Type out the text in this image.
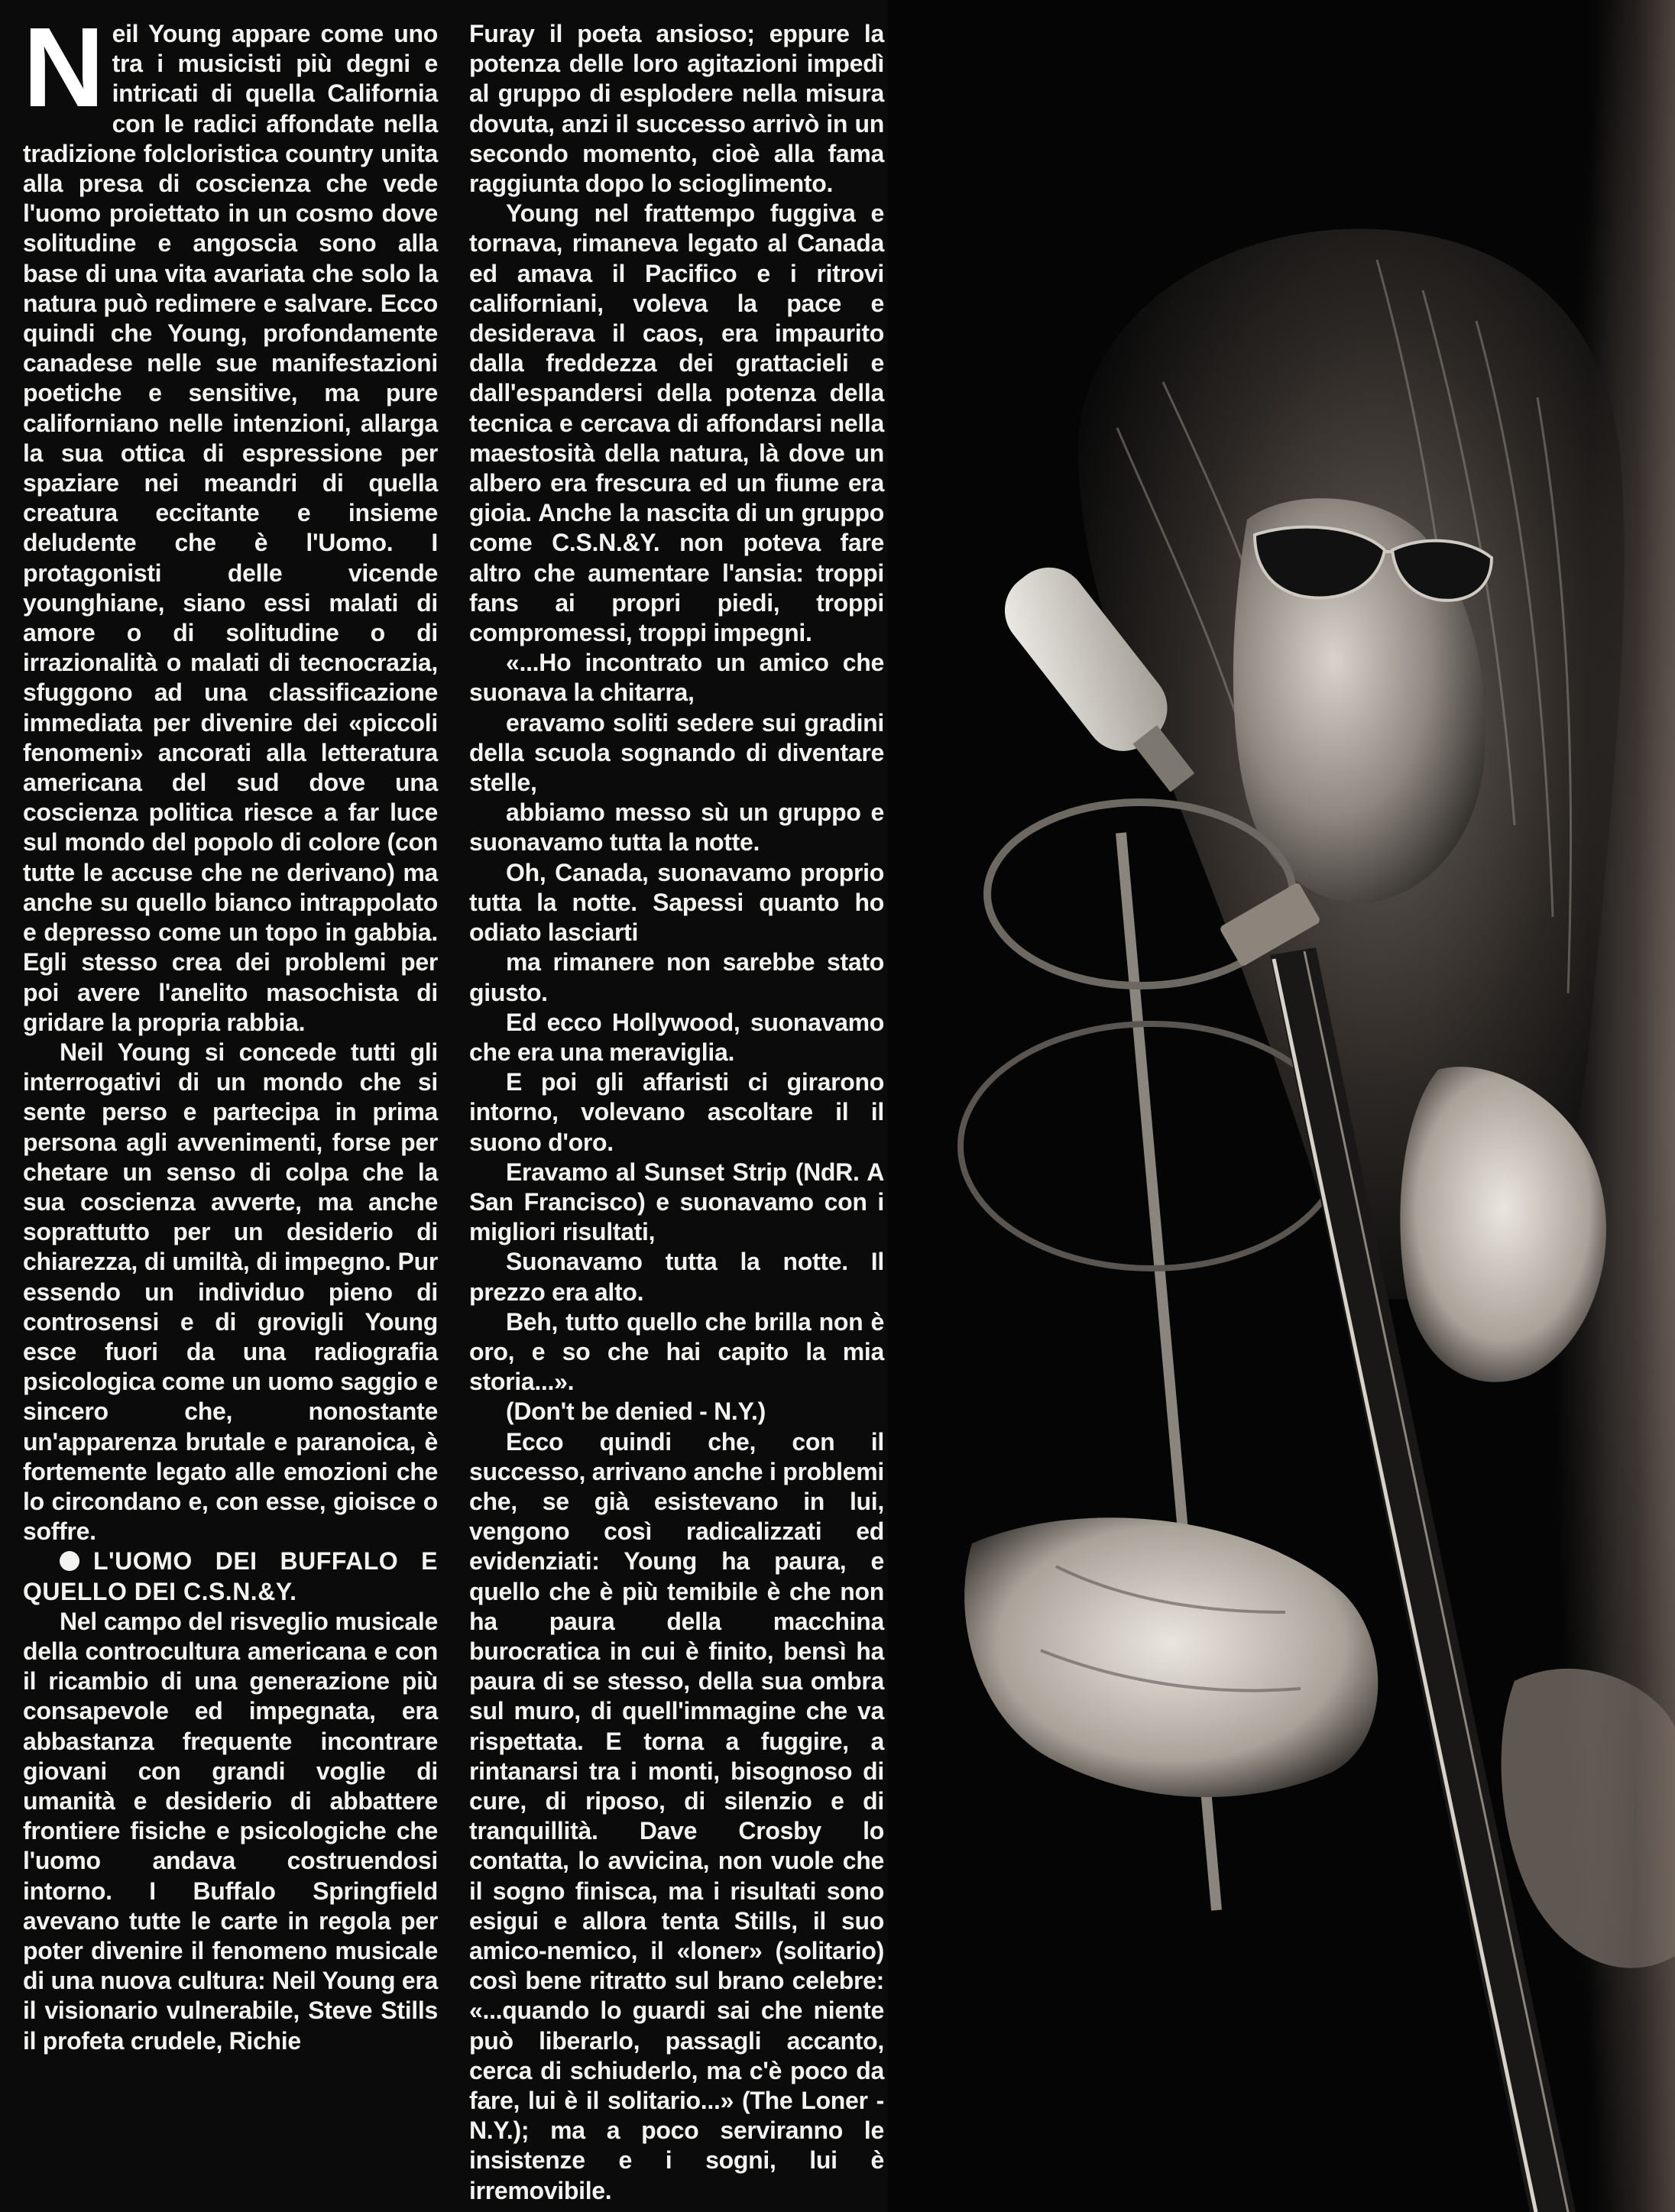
Neil Young appare come uno tra i musicisti più degni e intricati di quella California con le radici affondate nella tradizione folcloristica country unita alla presa di coscienza che vede l'uomo proiettato in un cosmo dove solitudine e angoscia sono alla base di una vita avariata che solo la natura può redimere e salvare. Ecco quindi che Young, profondamente canadese nelle sue manifestazioni poetiche e sensitive, ma pure californiano nelle intenzioni, allarga la sua ottica di espressione per spaziare nei meandri di quella creatura eccitante e insieme deludente che è l'Uomo. I protagonisti delle vicende younghiane, siano essi malati di amore o di solitudine o di irrazionalità o malati di tecnocrazia, sfuggono ad una classificazione immediata per divenire dei «piccoli fenomeni» ancorati alla letteratura americana del sud dove una coscienza politica riesce a far luce sul mondo del popolo di colore (con tutte le accuse che ne derivano) ma anche su quello bianco intrappolato e depresso come un topo in gabbia. Egli stesso crea dei problemi per poi avere l'anelito masochista di gridare la propria rabbia.

Neil Young si concede tutti gli interrogativi di un mondo che si sente perso e partecipa in prima persona agli avvenimenti, forse per chetare un senso di colpa che la sua coscienza avverte, ma anche soprattutto per un desiderio di chiarezza, di umiltà, di impegno. Pur essendo un individuo pieno di controsensi e di grovigli Young esce fuori da una radiografia psicologica come un uomo saggio e sincero che, nonostante un'apparenza brutale e paranoica, è fortemente legato alle emozioni che lo circondano e, con esse, gioisce o soffre.

L'UOMO DEI BUFFALO E QUELLO DEI C.S.N.&Y.

Nel campo del risveglio musicale della controcultura americana e con il ricambio di una generazione più consapevole ed impegnata, era abbastanza frequente incontrare giovani con grandi voglie di umanità e desiderio di abbattere frontiere fisiche e psicologiche che l'uomo andava costruendosi intorno. I Buffalo Springfield avevano tutte le carte in regola per poter divenire il fenomeno musicale di una nuova cultura: Neil Young era il visionario vulnerabile, Steve Stills il profeta crudele, Richie

Furay il poeta ansioso; eppure la potenza delle loro agitazioni impedì al gruppo di esplodere nella misura dovuta, anzi il successo arrivò in un secondo momento, cioè alla fama raggiunta dopo lo scioglimento.

Young nel frattempo fuggiva e tornava, rimaneva legato al Canada ed amava il Pacifico e i ritrovi californiani, voleva la pace e desiderava il caos, era impaurito dalla freddezza dei grattacieli e dall'espandersi della potenza della tecnica e cercava di affondarsi nella maestosità della natura, là dove un albero era frescura ed un fiume era gioia. Anche la nascita di un gruppo come C.S.N.&Y. non poteva fare altro che aumentare l'ansia: troppi fans ai propri piedi, troppi compromessi, troppi impegni.

«...Ho incontrato un amico che suonava la chitarra,

eravamo soliti sedere sui gradini della scuola sognando di diventare stelle,

abbiamo messo sù un gruppo e suonavamo tutta la notte.

Oh, Canada, suonavamo proprio tutta la notte. Sapessi quanto ho odiato lasciarti

ma rimanere non sarebbe stato giusto.

Ed ecco Hollywood, suonavamo che era una meraviglia.

E poi gli affaristi ci girarono intorno, volevano ascoltare il il suono d'oro.

Eravamo al Sunset Strip (NdR. A San Francisco) e suonavamo con i migliori risultati,

Suonavamo tutta la notte. Il prezzo era alto.

Beh, tutto quello che brilla non è oro, e so che hai capito la mia storia...».

(Don't be denied - N.Y.)

Ecco quindi che, con il successo, arrivano anche i problemi che, se già esistevano in lui, vengono così radicalizzati ed evidenziati: Young ha paura, e quello che è più temibile è che non ha paura della macchina burocratica in cui è finito, bensì ha paura di se stesso, della sua ombra sul muro, di quell'immagine che va rispettata. E torna a fuggire, a rintanarsi tra i monti, bisognoso di cure, di riposo, di silenzio e di tranquillità. Dave Crosby lo contatta, lo avvicina, non vuole che il sogno finisca, ma i risultati sono esigui e allora tenta Stills, il suo amico-nemico, il «loner» (solitario) così bene ritratto sul brano celebre: «...quando lo guardi sai che niente può liberarlo, passagli accanto, cerca di schiuderlo, ma c'è poco da fare, lui è il solitario...» (The Loner - N.Y.); ma a poco serviranno le insistenze e i sogni, lui è irremovibile.
